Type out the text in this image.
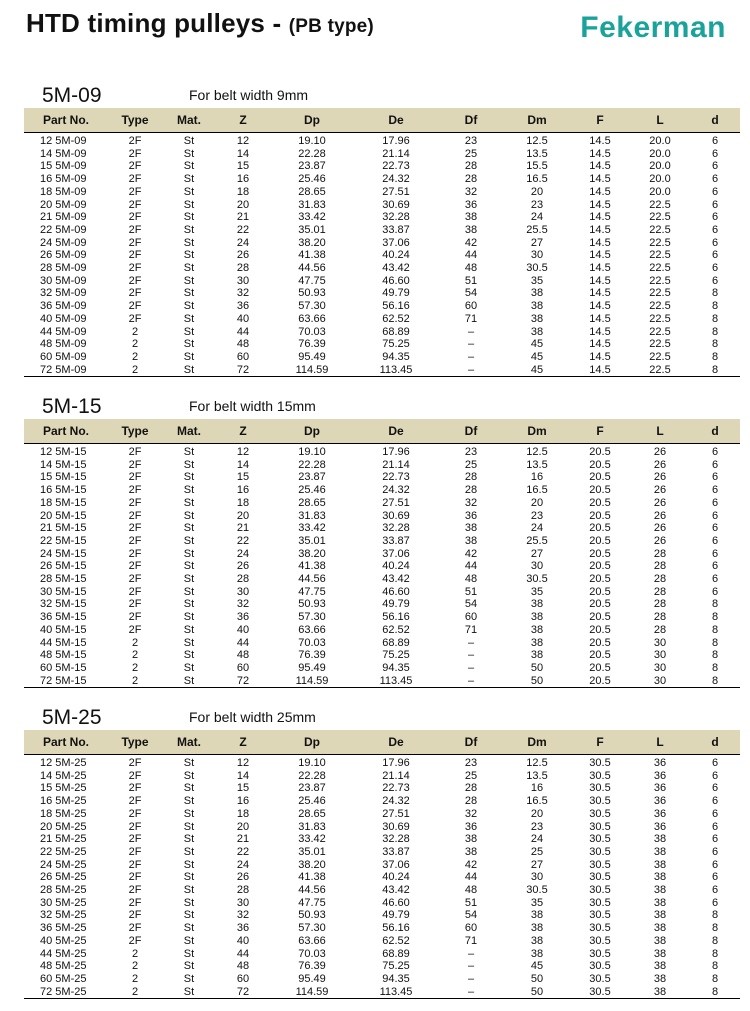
HTD timing pulleys - (PB type)	Fekerman
5M-09	For belt width 9mm
Part No.	Type	Mat.	Z	Dp	De	Df	Dm	F	L	d
12 5M-09	2F	St	12	19.10	17.96	23	12.5	14.5	20.0	6
14 5M-09	2F	St	14	22.28	21.14	25	13.5	14.5	20.0	6
15 5M-09	2F	St	15	23.87	22.73	28	15.5	14.5	20.0	6
16 5M-09	2F	St	16	25.46	24.32	28	16.5	14.5	20.0	6
18 5M-09	2F	St	18	28.65	27.51	32	20	14.5	20.0	6
20 5M-09	2F	St	20	31.83	30.69	36	23	14.5	22.5	6
21 5M-09	2F	St	21	33.42	32.28	38	24	14.5	22.5	6
22 5M-09	2F	St	22	35.01	33.87	38	25.5	14.5	22.5	6
24 5M-09	2F	St	24	38.20	37.06	42	27	14.5	22.5	6
26 5M-09	2F	St	26	41.38	40.24	44	30	14.5	22.5	6
28 5M-09	2F	St	28	44.56	43.42	48	30.5	14.5	22.5	6
30 5M-09	2F	St	30	47.75	46.60	51	35	14.5	22.5	6
32 5M-09	2F	St	32	50.93	49.79	54	38	14.5	22.5	8
36 5M-09	2F	St	36	57.30	56.16	60	38	14.5	22.5	8
40 5M-09	2F	St	40	63.66	62.52	71	38	14.5	22.5	8
44 5M-09	2	St	44	70.03	68.89	–	38	14.5	22.5	8
48 5M-09	2	St	48	76.39	75.25	–	45	14.5	22.5	8
60 5M-09	2	St	60	95.49	94.35	–	45	14.5	22.5	8
72 5M-09	2	St	72	114.59	113.45	–	45	14.5	22.5	8
5M-15	For belt width 15mm
Part No.	Type	Mat.	Z	Dp	De	Df	Dm	F	L	d
12 5M-15	2F	St	12	19.10	17.96	23	12.5	20.5	26	6
14 5M-15	2F	St	14	22.28	21.14	25	13.5	20.5	26	6
15 5M-15	2F	St	15	23.87	22.73	28	16	20.5	26	6
16 5M-15	2F	St	16	25.46	24.32	28	16.5	20.5	26	6
18 5M-15	2F	St	18	28.65	27.51	32	20	20.5	26	6
20 5M-15	2F	St	20	31.83	30.69	36	23	20.5	26	6
21 5M-15	2F	St	21	33.42	32.28	38	24	20.5	26	6
22 5M-15	2F	St	22	35.01	33.87	38	25.5	20.5	26	6
24 5M-15	2F	St	24	38.20	37.06	42	27	20.5	28	6
26 5M-15	2F	St	26	41.38	40.24	44	30	20.5	28	6
28 5M-15	2F	St	28	44.56	43.42	48	30.5	20.5	28	6
30 5M-15	2F	St	30	47.75	46.60	51	35	20.5	28	6
32 5M-15	2F	St	32	50.93	49.79	54	38	20.5	28	8
36 5M-15	2F	St	36	57.30	56.16	60	38	20.5	28	8
40 5M-15	2F	St	40	63.66	62.52	71	38	20.5	28	8
44 5M-15	2	St	44	70.03	68.89	–	38	20.5	30	8
48 5M-15	2	St	48	76.39	75.25	–	38	20.5	30	8
60 5M-15	2	St	60	95.49	94.35	–	50	20.5	30	8
72 5M-15	2	St	72	114.59	113.45	–	50	20.5	30	8
5M-25	For belt width 25mm
Part No.	Type	Mat.	Z	Dp	De	Df	Dm	F	L	d
12 5M-25	2F	St	12	19.10	17.96	23	12.5	30.5	36	6
14 5M-25	2F	St	14	22.28	21.14	25	13.5	30.5	36	6
15 5M-25	2F	St	15	23.87	22.73	28	16	30.5	36	6
16 5M-25	2F	St	16	25.46	24.32	28	16.5	30.5	36	6
18 5M-25	2F	St	18	28.65	27.51	32	20	30.5	36	6
20 5M-25	2F	St	20	31.83	30.69	36	23	30.5	36	6
21 5M-25	2F	St	21	33.42	32.28	38	24	30.5	38	6
22 5M-25	2F	St	22	35.01	33.87	38	25	30.5	38	6
24 5M-25	2F	St	24	38.20	37.06	42	27	30.5	38	6
26 5M-25	2F	St	26	41.38	40.24	44	30	30.5	38	6
28 5M-25	2F	St	28	44.56	43.42	48	30.5	30.5	38	6
30 5M-25	2F	St	30	47.75	46.60	51	35	30.5	38	6
32 5M-25	2F	St	32	50.93	49.79	54	38	30.5	38	8
36 5M-25	2F	St	36	57.30	56.16	60	38	30.5	38	8
40 5M-25	2F	St	40	63.66	62.52	71	38	30.5	38	8
44 5M-25	2	St	44	70.03	68.89	–	38	30.5	38	8
48 5M-25	2	St	48	76.39	75.25	–	45	30.5	38	8
60 5M-25	2	St	60	95.49	94.35	–	50	30.5	38	8
72 5M-25	2	St	72	114.59	113.45	–	50	30.5	38	8
